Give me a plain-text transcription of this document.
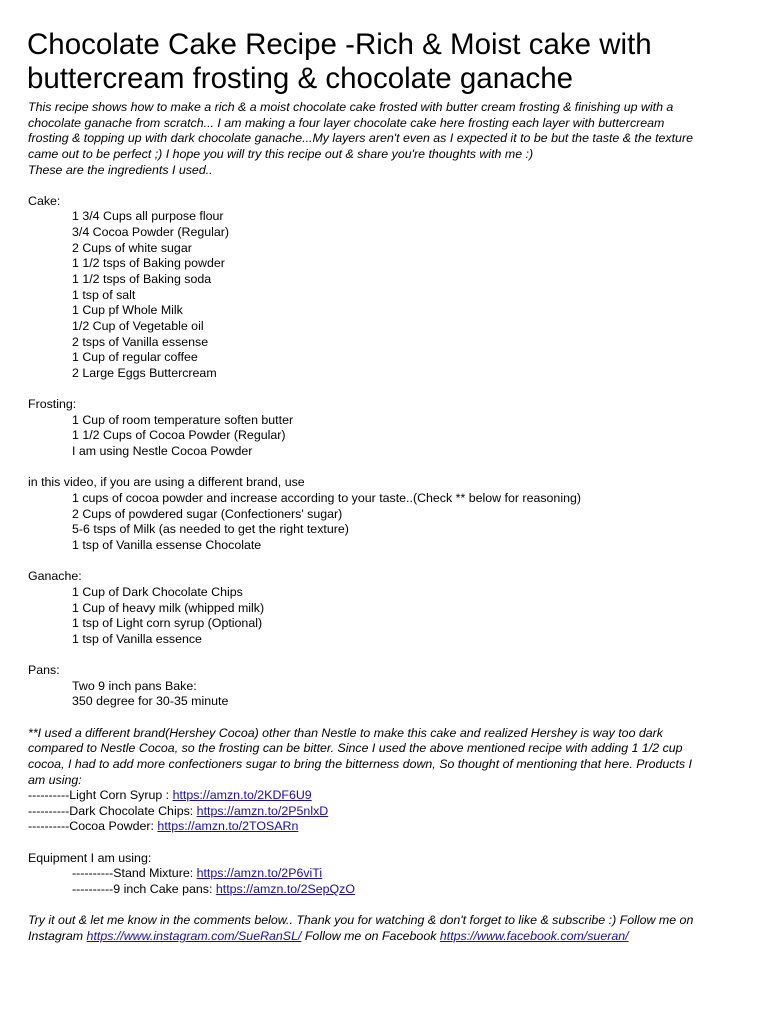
Chocolate Cake Recipe -Rich & Moist cake with
buttercream frosting & chocolate ganache
This recipe shows how to make a rich & a moist chocolate cake frosted with butter cream frosting & finishing up with a
chocolate ganache from scratch... I am making a four layer chocolate cake here frosting each layer with buttercream
frosting & topping up with dark chocolate ganache...My layers aren't even as I expected it to be but the taste & the texture
came out to be perfect ;) I hope you will try this recipe out & share you're thoughts with me :)
These are the ingredients I used..
Cake:
1 3/4 Cups all purpose flour
3/4 Cocoa Powder (Regular)
2 Cups of white sugar
1 1/2 tsps of Baking powder
1 1/2 tsps of Baking soda
1 tsp of salt
1 Cup pf Whole Milk
1/2 Cup of Vegetable oil
2 tsps of Vanilla essense
1 Cup of regular coffee
2 Large Eggs Buttercream
Frosting:
1 Cup of room temperature soften butter
1 1/2 Cups of Cocoa Powder (Regular)
I am using Nestle Cocoa Powder
in this video, if you are using a different brand, use
1 cups of cocoa powder and increase according to your taste..(Check ** below for reasoning)
2 Cups of powdered sugar (Confectioners' sugar)
5-6 tsps of Milk (as needed to get the right texture)
1 tsp of Vanilla essense Chocolate
Ganache:
1 Cup of Dark Chocolate Chips
1 Cup of heavy milk (whipped milk)
1 tsp of Light corn syrup (Optional)
1 tsp of Vanilla essence
Pans:
Two 9 inch pans Bake:
350 degree for 30-35 minute
**I used a different brand(Hershey Cocoa) other than Nestle to make this cake and realized Hershey is way too dark
compared to Nestle Cocoa, so the frosting can be bitter. Since I used the above mentioned recipe with adding 1 1/2 cup
cocoa, I had to add more confectioners sugar to bring the bitterness down, So thought of mentioning that here. Products I
am using:
----------Light Corn Syrup : https://amzn.to/2KDF6U9
----------Dark Chocolate Chips: https://amzn.to/2P5nlxD
----------Cocoa Powder: https://amzn.to/2TOSARn
Equipment I am using:
----------Stand Mixture: https://amzn.to/2P6viTi
----------9 inch Cake pans: https://amzn.to/2SepQzO
Try it out & let me know in the comments below.. Thank you for watching & don't forget to like & subscribe :) Follow me on
Instagram https://www.instagram.com/SueRanSL/ Follow me on Facebook https://www.facebook.com/sueran/
